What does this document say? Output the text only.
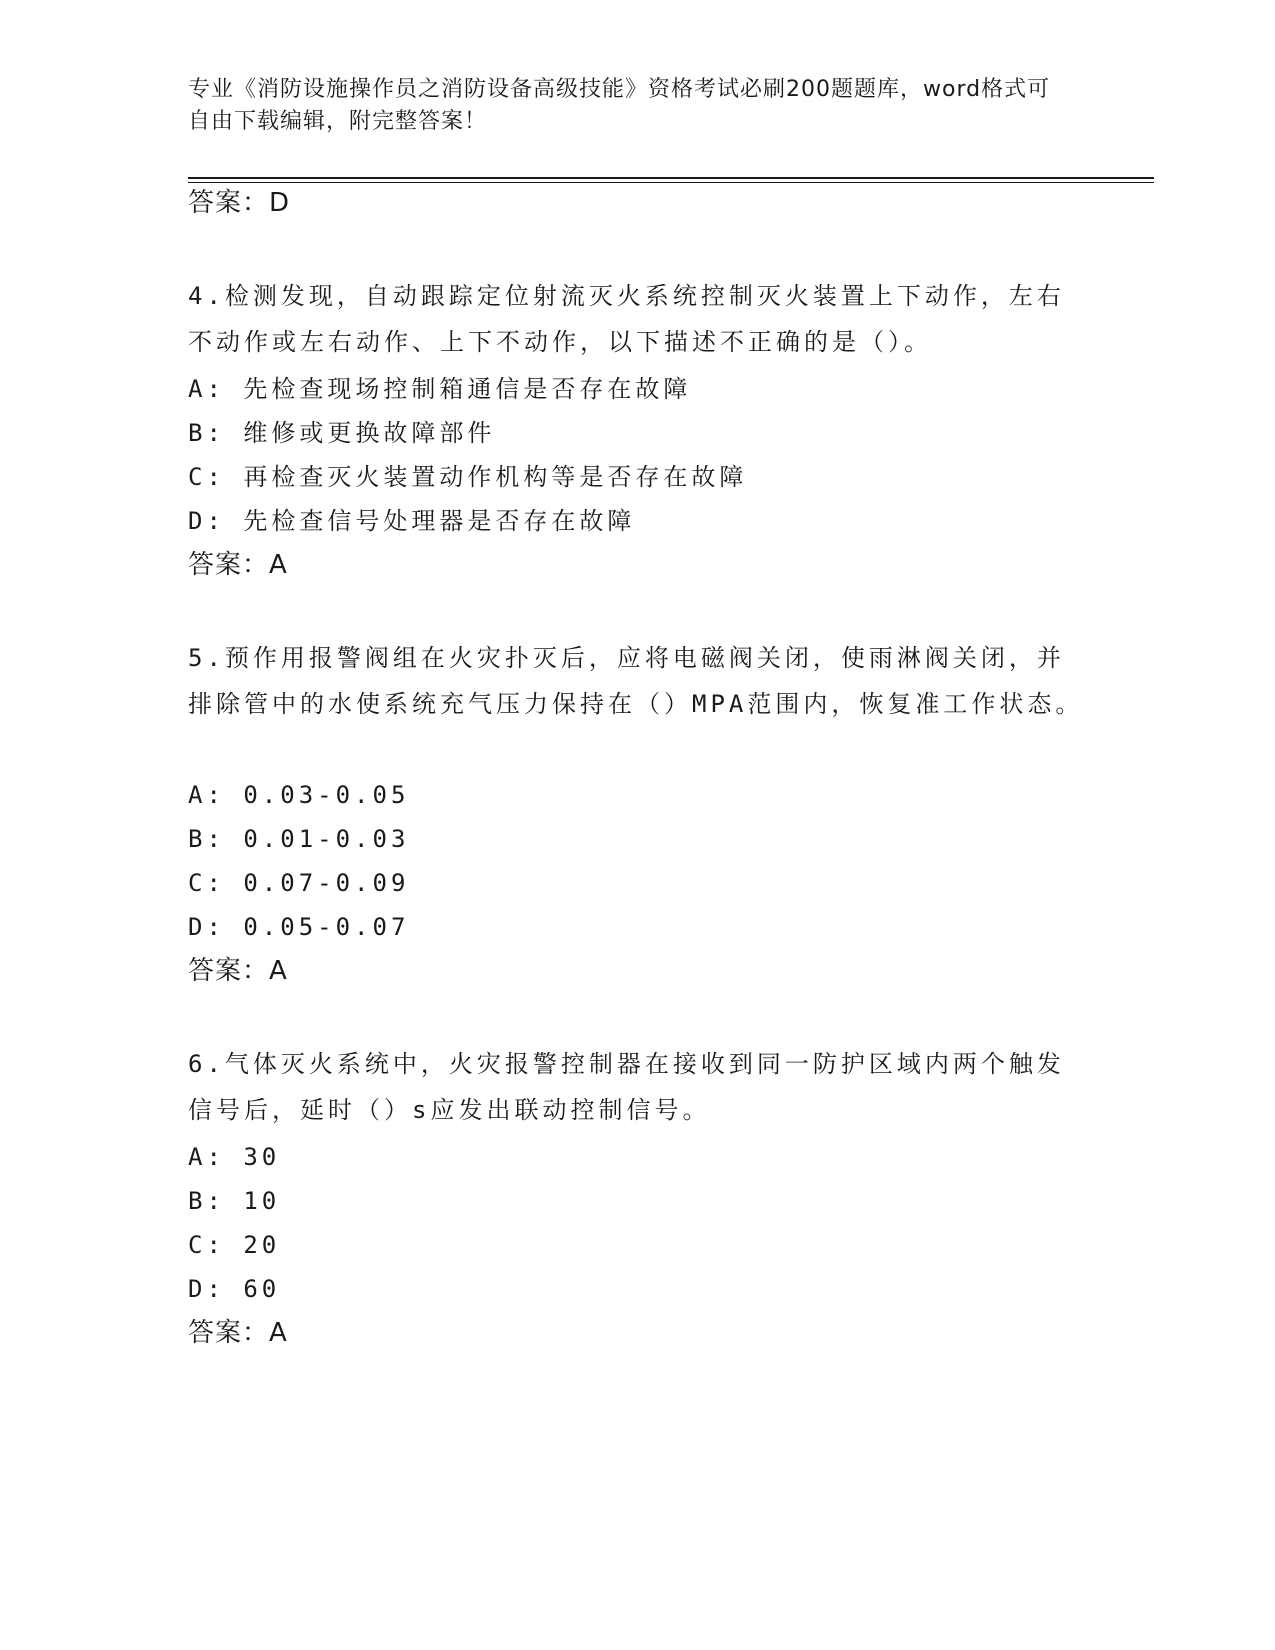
专业《消防设施操作员之消防设备高级技能》资格考试必刷200题题库，word格式可自由下载编辑，附完整答案！
答案：D
4.检测发现，自动跟踪定位射流灭火系统控制灭火装置上下动作，左右不动作或左右动作、上下不动作，以下描述不正确的是（）。
A: 先检查现场控制箱通信是否存在故障
B: 维修或更换故障部件
C: 再检查灭火装置动作机构等是否存在故障
D: 先检查信号处理器是否存在故障
答案：A
5.预作用报警阀组在火灾扑灭后，应将电磁阀关闭，使雨淋阀关闭，并排除管中的水使系统充气压力保持在（）MPA范围内，恢复准工作状态。
A: 0.03-0.05
B: 0.01-0.03
C: 0.07-0.09
D: 0.05-0.07
答案：A
6.气体灭火系统中，火灾报警控制器在接收到同一防护区域内两个触发信号后，延时（）s应发出联动控制信号。
A: 30
B: 10
C: 20
D: 60
答案：A
